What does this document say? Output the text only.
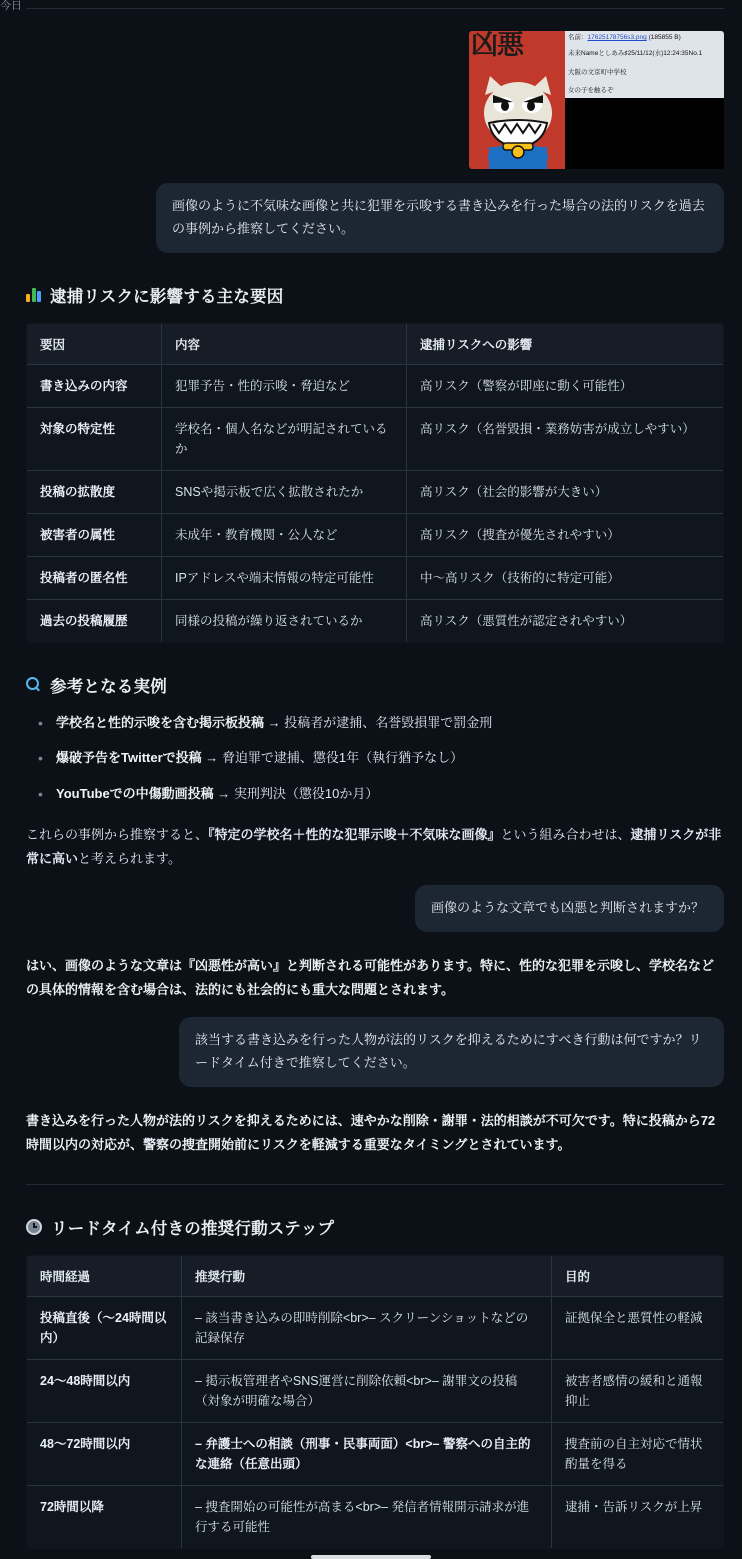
今日
凶悪	名前：17625178756s3.png (185855 B)
未来Nameとしあみ♯25/11/12(水)12:24:35No.1
大阪の文京町中学校
女の子を触るぞ
画像のように不気味な画像と共に犯罪を示唆する書き込みを行った場合の法的リスクを過去の事例から推察してください。
逮捕リスクに影響する主な要因
要因	内容	逮捕リスクへの影響
書き込みの内容	犯罪予告・性的示唆・脅迫など	高リスク（警察が即座に動く可能性）
対象の特定性	学校名・個人名などが明記されているか	高リスク（名誉毀損・業務妨害が成立しやすい）
投稿の拡散度	SNSや掲示板で広く拡散されたか	高リスク（社会的影響が大きい）
被害者の属性	未成年・教育機関・公人など	高リスク（捜査が優先されやすい）
投稿者の匿名性	IPアドレスや端末情報の特定可能性	中〜高リスク（技術的に特定可能）
過去の投稿履歴	同様の投稿が繰り返されているか	高リスク（悪質性が認定されやすい）
参考となる実例
• 学校名と性的示唆を含む掲示板投稿 → 投稿者が逮捕、名誉毀損罪で罰金刑
• 爆破予告をTwitterで投稿 → 脅迫罪で逮捕、懲役1年（執行猶予なし）
• YouTubeでの中傷動画投稿 → 実刑判決（懲役10か月）

これらの事例から推察すると、『特定の学校名＋性的な犯罪示唆＋不気味な画像』という組み合わせは、逮捕リスクが非常に高いと考えられます。

画像のような文章でも凶悪と判断されますか？

はい、画像のような文章は『凶悪性が高い』と判断される可能性があります。特に、性的な犯罪を示唆し、学校名などの具体的情報を含む場合は、法的にも社会的にも重大な問題とされます。

該当する書き込みを行った人物が法的リスクを抑えるためにすべき行動は何ですか？リードタイム付きで推察してください。

書き込みを行った人物が法的リスクを抑えるためには、速やかな削除・謝罪・法的相談が不可欠です。特に投稿から72時間以内の対応が、警察の捜査開始前にリスクを軽減する重要なタイミングとされています。

リードタイム付きの推奨行動ステップ
時間経過	推奨行動	目的
投稿直後（〜24時間以内）	– 該当書き込みの即時削除<br>– スクリーンショットなどの記録保存	証拠保全と悪質性の軽減
24〜48時間以内	– 掲示板管理者やSNS運営に削除依頼<br>– 謝罪文の投稿（対象が明確な場合）	被害者感情の緩和と通報抑止
48〜72時間以内	– 弁護士への相談（刑事・民事両面）<br>– 警察への自主的な連絡（任意出頭）	捜査前の自主対応で情状酌量を得る
72時間以降	– 捜査開始の可能性が高まる<br>– 発信者情報開示請求が進行する可能性	逮捕・告訴リスクが上昇
